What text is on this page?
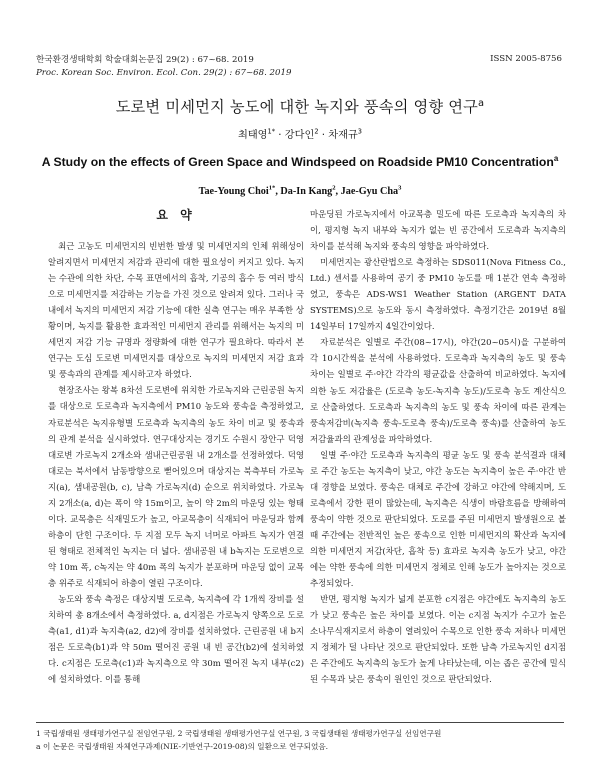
한국환경생태학회 학술대회논문집 29(2) : 67~68. 2019
Proc. Korean Soc. Environ. Ecol. Con. 29(2) : 67~68. 2019
ISSN 2005-8756
도로변 미세먼지 농도에 대한 녹지와 풍속의 영향 연구$^a$
최태영$^{1*}$ · 강다인$^2$ · 차재규$^3$
A Study on the effects of Green Space and Windspeed on Roadside PM10 Concentration$^a$
Tae-Young Choi$^{1*}$, Da-In Kang$^2$, Jae-Gyu Cha$^3$
요 약

최근 고농도 미세먼지의 빈번한 발생 및 미세먼지의 인체 위해성이 알려지면서 미세먼지 저감과 관리에 대한 필요성이 커지고 있다. 녹지는 수관에 의한 차단, 수목 표면에서의 흡착, 기공의 흡수 등 여러 방식으로 미세먼지를 저감하는 기능을 가진 것으로 알려져 있다. 그러나 국내에서 녹지의 미세먼지 저감 기능에 대한 실측 연구는 매우 부족한 상황이며, 녹지를 활용한 효과적인 미세먼지 관리를 위해서는 녹지의 미세먼지 저감 기능 규명과 정량화에 대한 연구가 필요하다. 따라서 본 연구는 도심 도로변 미세먼지를 대상으로 녹지의 미세먼지 저감 효과 및 풍속과의 관계를 제시하고자 하였다.

현장조사는 왕복 8차선 도로변에 위치한 가로녹지와 근린공원 녹지를 대상으로 도로측과 녹지측에서 PM10 농도와 풍속을 측정하였고, 자료분석은 녹지유형별 도로측과 녹지측의 농도 차이 비교 및 풍속과의 관계 분석을 실시하였다. 연구대상지는 경기도 수원시 장안구 덕영대로변 가로녹지 2개소와 샘내근린공원 내 2개소를 선정하였다. 덕영대로는 북서에서 남동방향으로 뻗어있으며 대상지는 북측부터 가로녹지(a), 샘내공원(b, c), 남측 가로녹지(d) 순으로 위치하였다. 가로녹지 2개소(a, d)는 폭이 약 15m이고, 높이 약 2m의 마운딩 있는 형태이다. 교목층은 식재밀도가 높고, 아교목층이 식재되어 마운딩과 함께 하층이 단힌 구조이다. 두 지점 모두 녹지 너머로 아파트 녹지가 연결된 형태로 전체적인 녹지는 더 넓다. 샘내공원 내 b녹지는 도로변으로 약 10m 폭, c녹지는 약 40m 폭의 녹지가 분포하며 마운딩 없이 교목층 위주로 식재되어 하층이 열린 구조이다.

농도와 풍속 측정은 대상지별 도로측, 녹지측에 각 1개씩 장비를 설치하여 총 8개소에서 측정하였다. a, d지점은 가로녹지 양쪽으로 도로측(a1, d1)과 녹지측(a2, d2)에 장비를 설치하였다. 근린공원 내 b지점은 도로측(b1)과 약 50m 떨어진 공원 내 빈 공간(b2)에 설치하였다. c지점은 도로측(c1)과 녹지측으로 약 30m 떨어진 녹지 내부(c2)에 설치하였다. 이를 통해

마운딩된 가로녹지에서 아교목층 밀도에 따른 도로측과 녹지측의 차이, 평지형 녹지 내부와 녹지가 없는 빈 공간에서 도로측과 녹지측의 차이를 분석해 녹지와 풍속의 영향을 파악하였다.

미세먼지는 광산란법으로 측정하는 SDS011(Nova Fitness Co., Ltd.) 센서를 사용하여 공기 중 PM10 농도를 매 1분간 연속 측정하였고, 풍속은 ADS-WS1 Weather Station (ARGENT DATA SYSTEMS)으로 농도와 동시 측정하였다. 측정기간은 2019년 8월 14일부터 17일까지 4일간이었다.

자료분석은 일별로 주간(08~17시), 야간(20~05시)을 구분하여 각 10시간씩을 분석에 사용하였다. 도로측과 녹지측의 농도 및 풍속 차이는 일별로 주·야간 각각의 평균값을 산출하여 비교하였다. 녹지에 의한 농도 저감율은 (도로측 농도-녹지측 농도)/도로측 농도 계산식으로 산출하였다. 도로측과 녹지측의 농도 및 풍속 차이에 따른 관계는 풍속저감비(녹지측 풍속-도로측 풍속)/도로측 풍속)를 산출하여 농도 저감율과의 관계성을 파악하였다.

일별 주·야간 도로측과 녹지측의 평균 농도 및 풍속 분석결과 대체로 주간 농도는 녹지측이 낮고, 야간 농도는 녹지측이 높은 주·야간 반대 경향을 보였다. 풍속은 대체로 주간에 강하고 야간에 약해지며, 도로측에서 강한 편이 많았는데, 녹지측은 식생이 바람흐름을 방해하여 풍속이 약한 것으로 판단되었다. 도로를 주된 미세먼지 발생원으로 볼 때 주간에는 전반적인 높은 풍속으로 인한 미세먼지의 확산과 녹지에 의한 미세먼지 저감(차단, 흡착 등) 효과로 녹지측 농도가 낮고, 야간에는 약한 풍속에 의한 미세먼지 정체로 인해 농도가 높아지는 것으로 추정되었다.

반면, 평지형 녹지가 넓게 분포한 c지점은 야간에도 녹지측의 농도가 낮고 풍속은 높은 차이를 보였다. 이는 c지점 녹지가 수고가 높은 소나무식재지로서 하층이 열려있어 수목으로 인한 풍속 저하나 미세먼지 정체가 덜 나타난 것으로 판단되었다. 또한 남측 가로녹지인 d지점은 주간에도 녹지측의 농도가 높게 나타났는데, 이는 좁은 공간에 밀식된 수목과 낮은 풍속이 원인인 것으로 판단되었다.

1 국립생태원 생태평가연구실 전임연구원, 2 국립생태원 생태평가연구실 연구원, 3 국립생태원 생태평가연구실 선임연구원
a 이 논문은 국립생태원 자체연구과제(NIE-기반연구-2019-08)의 일환으로 연구되었음.
